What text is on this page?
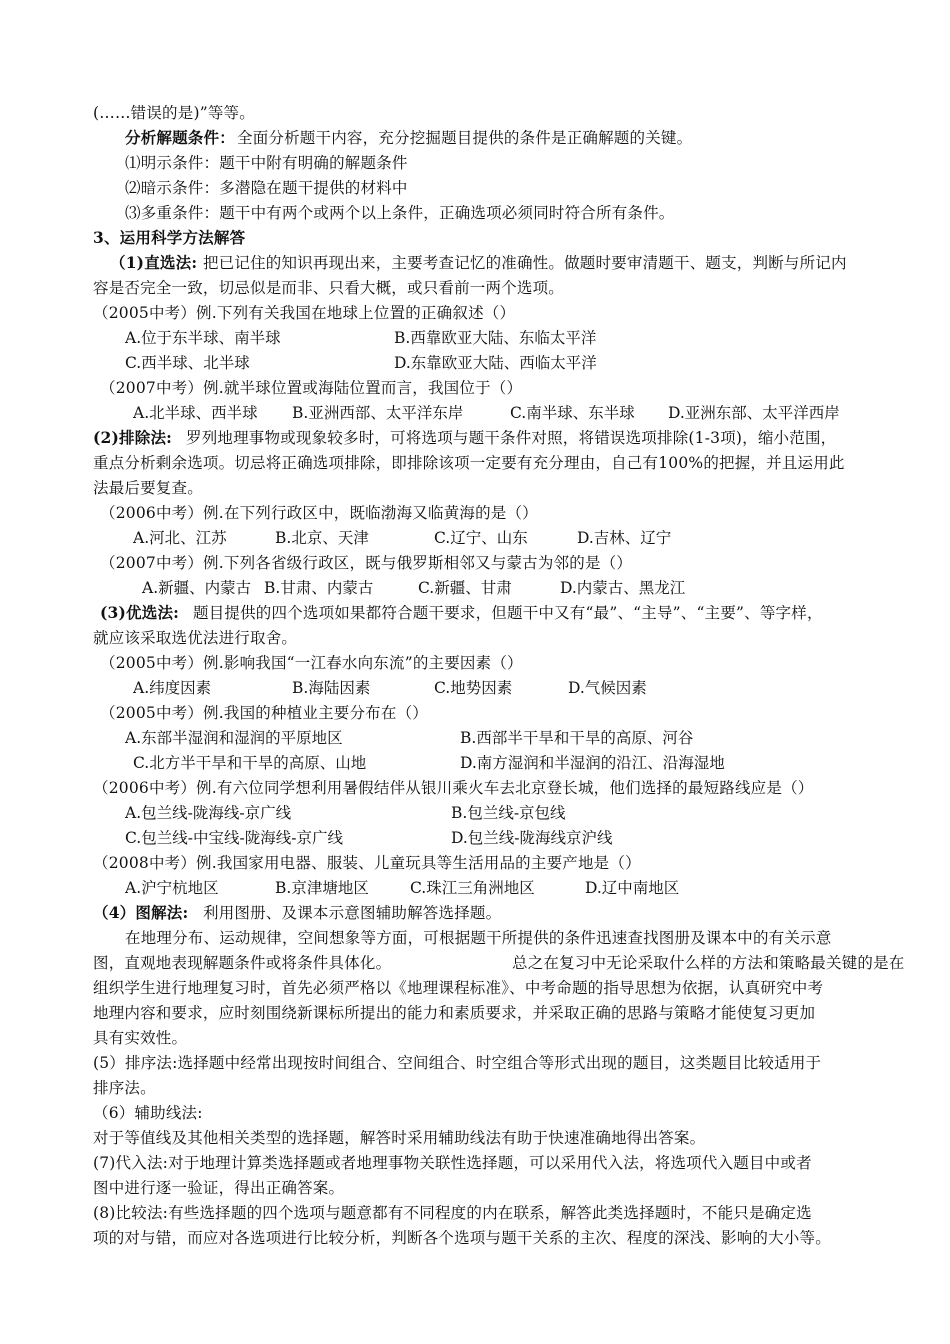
(……错误的是)”等等。
分析解题条件： 全面分析题干内容，充分挖掘题目提供的条件是正确解题的关键。
⑴明示条件：题干中附有明确的解题条件
⑵暗示条件：多潜隐在题干提供的材料中
⑶多重条件：题干中有两个或两个以上条件，正确选项必须同时符合所有条件。
3、运用科学方法解答
（1)直选法: 把已记住的知识再现出来，主要考查记忆的准确性。做题时要审清题干、题支，判断与所记内
容是否完全一致，切忌似是而非、只看大概，或只看前一两个选项。
（2005中考）例.下列有关我国在地球上位置的正确叙述（）
A.位于东半球、南半球	B.西靠欧亚大陆、东临太平洋
C.西半球、北半球	D.东靠欧亚大陆、西临太平洋
（2007中考）例.就半球位置或海陆位置而言，我国位于（）
A.北半球、西半球 B.亚洲西部、太平洋东岸	C.南半球、东半球 D.亚洲东部、太平洋西岸
(2)排除法: 罗列地理事物或现象较多时，可将选项与题干条件对照，将错误选项排除(1-3项)，缩小范围，
重点分析剩余选项。切忌将正确选项排除，即排除该项一定要有充分理由，自己有100%的把握，并且运用此
法最后要复查。
（2006中考）例.在下列行政区中，既临渤海又临黄海的是（）
A.河北、江苏	B.北京、天津	C.辽宁、山东	D.吉林、辽宁
（2007中考）例.下列各省级行政区，既与俄罗斯相邻又与蒙古为邻的是（）
A.新疆、内蒙古 B.甘肃、内蒙古	C.新疆、甘肃	D.内蒙古、黑龙江
(3)优选法: 题目提供的四个选项如果都符合题干要求，但题干中又有“最”、“主导”、“主要”、等字样，
就应该采取选优法进行取舍。
（2005中考）例.影响我国“一江春水向东流”的主要因素（）
A.纬度因素	B.海陆因素	C.地势因素	D.气候因素
（2005中考）例.我国的种植业主要分布在（）
A.东部半湿润和湿润的平原地区	B.西部半干旱和干旱的高原、河谷
C.北方半干旱和干旱的高原、山地	D.南方湿润和半湿润的沿江、沿海湿地
（2006中考）例.有六位同学想利用暑假结伴从银川乘火车去北京登长城，他们选择的最短路线应是（）
A.包兰线-陇海线-京广线	B.包兰线-京包线
C.包兰线-中宝线-陇海线-京广线	D.包兰线-陇海线京沪线
（2008中考）例.我国家用电器、服装、儿童玩具等生活用品的主要产地是（）
A.沪宁杭地区	B.京津塘地区	C.珠江三角洲地区	D.辽中南地区
（4）图解法: 利用图册、及课本示意图辅助解答选择题。
在地理分布、运动规律，空间想象等方面，可根据题干所提供的条件迅速查找图册及课本中的有关示意
图，直观地表现解题条件或将条件具体化。	总之在复习中无论采取什么样的方法和策略最关键的是在
组织学生进行地理复习时，首先必须严格以《地理课程标准》、中考命题的指导思想为依据，认真研究中考
地理内容和要求，应时刻围绕新课标所提出的能力和素质要求，并采取正确的思路与策略才能使复习更加
具有实效性。
(5）排序法:选择题中经常出现按时间组合、空间组合、时空组合等形式出现的题目，这类题目比较适用于
排序法。
（6）辅助线法:
对于等值线及其他相关类型的选择题，解答时采用辅助线法有助于快速准确地得出答案。
(7)代入法:对于地理计算类选择题或者地理事物关联性选择题，可以采用代入法，将选项代入题目中或者
图中进行逐一验证，得出正确答案。
(8)比较法:有些选择题的四个选项与题意都有不同程度的内在联系，解答此类选择题时，不能只是确定选
项的对与错，而应对各选项进行比较分析，判断各个选项与题干关系的主次、程度的深浅、影响的大小等。
